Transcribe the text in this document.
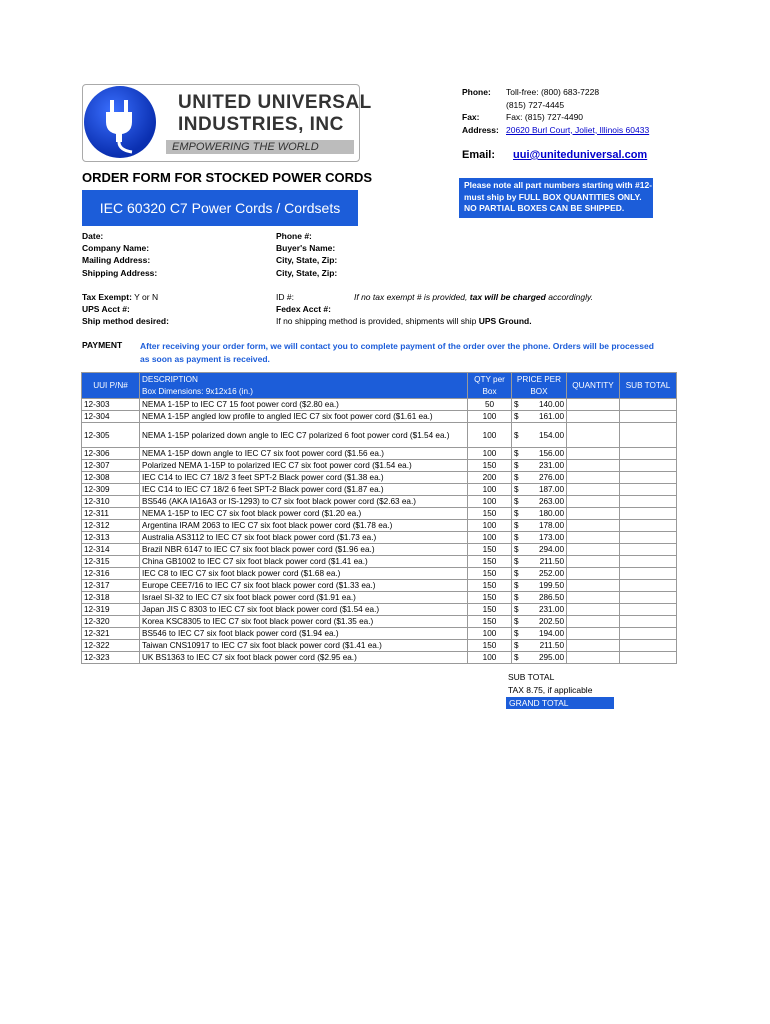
UNITED UNIVERSAL
INDUSTRIES, INC
EMPOWERING THE WORLD
Phone: Toll-free: (800) 683-7228
(815) 727-4445
Fax:	Fax: (815) 727-4490
Address: 20620 Burl Court, Joliet, Illinois 60433
Email: uui@uniteduniversal.com
ORDER FORM FOR STOCKED POWER CORDS	Please note all part numbers starting with #12-
must ship by FULL BOX QUANTITIES ONLY.
NO PARTIAL BOXES CAN BE SHIPPED.
IEC 60320 C7 Power Cords / Cordsets
Date:
Company Name:
Mailing Address:
Shipping Address:
Phone #:
Buyer's Name:
City, State, Zip:
City, State, Zip:
Tax Exempt: Y or N
UPS Acct #:
Ship method desired:
ID #:	If no tax exempt # is provided, tax will be charged accordingly.
Fedex Acct #:
If no shipping method is provided, shipments will ship UPS Ground.
PAYMENT After receiving your order form, we will contact you to complete payment of the order over the phone. Orders will be processed as soon as payment is received.
UUI P/N#	DESCRIPTION	QTY per Box	PRICE PER BOX	QUANTITY	SUB TOTAL
	Box Dimensions: 9x12x16 (in.)				
12-303	NEMA 1-15P to IEC C7 15 foot power cord ($2.80 ea.)	50	$ 140.00		

12-304	NEMA 1-15P angled low profile to angled IEC C7 six foot power cord ($1.61 ea.)	100	$ 161.00		

12-305	NEMA 1-15P polarized down angle to IEC C7 polarized 6 foot power cord ($1.54 ea.)	100	$ 154.00		

12-306	NEMA 1-15P down angle to IEC C7 six foot power cord ($1.56 ea.)	100	$ 156.00		

12-307	Polarized NEMA 1-15P to polarized IEC C7 six foot power cord ($1.54 ea.)	150	$ 231.00		

12-308	IEC C14 to IEC C7 18/2 3 feet SPT-2 Black power cord ($1.38 ea.)	200	$ 276.00		

12-309	IEC C14 to IEC C7 18/2 6 feet SPT-2 Black power cord ($1.87 ea.)	100	$ 187.00		

12-310	BS546 (AKA IA16A3 or IS-1293) to C7 six foot black power cord ($2.63 ea.)	100	$ 263.00		

12-311	NEMA 1-15P to IEC C7 six foot black power cord ($1.20 ea.)	150	$ 180.00		

12-312	Argentina IRAM 2063 to IEC C7 six foot black power cord ($1.78 ea.)	100	$ 178.00		

12-313	Australia AS3112 to IEC C7 six foot black power cord ($1.73 ea.)	100	$ 173.00		

12-314	Brazil NBR 6147 to IEC C7 six foot black power cord ($1.96 ea.)	150	$ 294.00		

12-315	China GB1002 to IEC C7 six foot black power cord ($1.41 ea.)	150	$ 211.50		

12-316	IEC C8 to IEC C7 six foot black power cord ($1.68 ea.)	150	$ 252.00		

12-317	Europe CEE7/16 to IEC C7 six foot black power cord ($1.33 ea.)	150	$ 199.50		

12-318	Israel SI-32 to IEC C7 six foot black power cord ($1.91 ea.)	150	$ 286.50		

12-319	Japan JIS C 8303 to IEC C7 six foot black power cord ($1.54 ea.)	150	$ 231.00		

12-320	Korea KSC8305 to IEC C7 six foot black power cord ($1.35 ea.)	150	$ 202.50		

12-321	BS546 to IEC C7 six foot black power cord ($1.94 ea.)	100	$ 194.00		

12-322	Taiwan CNS10917 to IEC C7 six foot black power cord ($1.41 ea.)	150	$ 211.50		

12-323	UK BS1363 to IEC C7 six foot black power cord ($2.95 ea.)	100	$ 295.00		

SUB TOTAL
TAX 8.75, if applicable
GRAND TOTAL
